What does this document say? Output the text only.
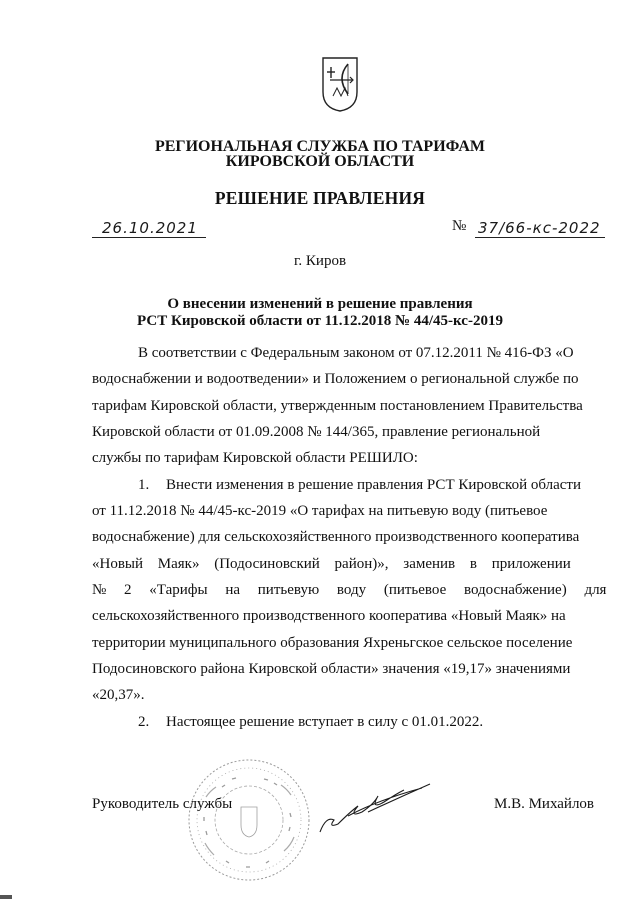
РЕГИОНАЛЬНАЯ СЛУЖБА ПО ТАРИФАМ
КИРОВСКОЙ ОБЛАСТИ
РЕШЕНИЕ ПРАВЛЕНИЯ
26.10.2021	№ 37/66-кс-2022
г. Киров
О внесении изменений в решение правления
РСТ Кировской области от 11.12.2018 № 44/45-кс-2019
В соответствии с Федеральным законом от 07.12.2011 № 416-ФЗ «О
водоснабжении и водоотведении» и Положением о региональной службе по
тарифам Кировской области, утвержденным постановлением Правительства
Кировской области от 01.09.2008 № 144/365, правление региональной
службы по тарифам Кировской области РЕШИЛО:
1. Внести изменения в решение правления РСТ Кировской области
от 11.12.2018 № 44/45-кс-2019 «О тарифах на питьевую воду (питьевое
водоснабжение) для сельскохозяйственного производственного кооператива
«Новый Маяк» (Подосиновский район)», заменив в приложении
№ 2 «Тарифы на питьевую воду (питьевое водоснабжение) для
сельскохозяйственного производственного кооператива «Новый Маяк» на
территории муниципального образования Яхреньгское сельское поселение
Подосиновского района Кировской области» значения «19,17» значениями
«20,37».
2. Настоящее решение вступает в силу с 01.01.2022.
Руководитель службы	М.В. Михайлов
